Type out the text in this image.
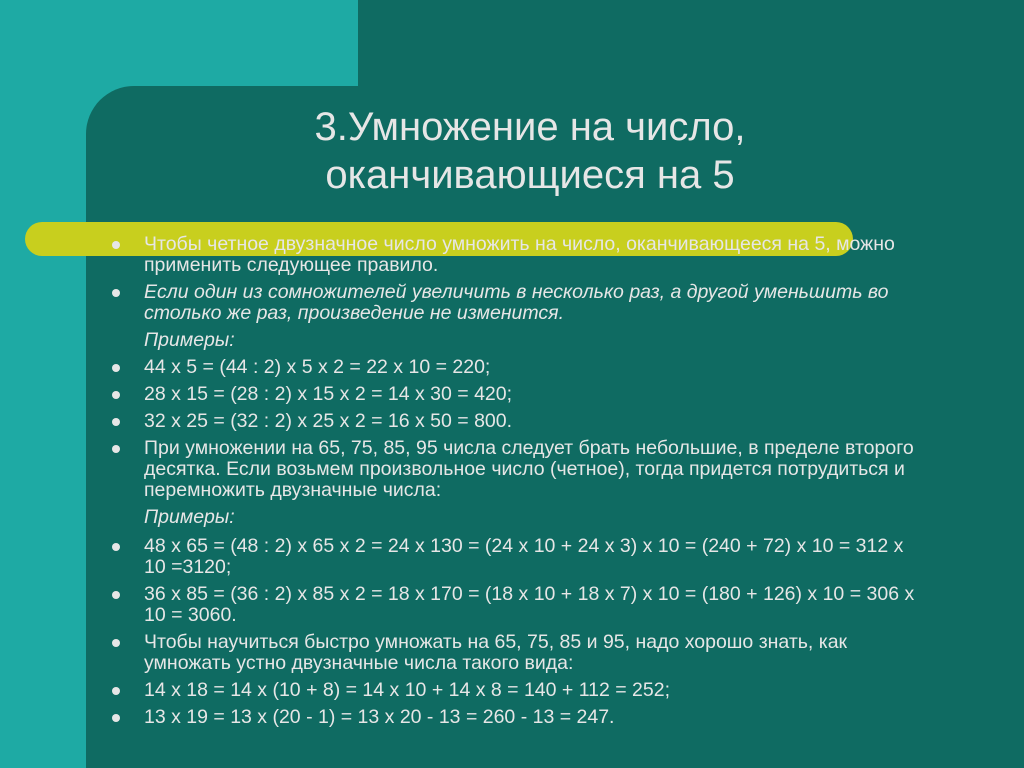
3.Умножение на число,
оканчивающиеся на 5
Чтобы четное двузначное число умножить на число, оканчивающееся на 5, можно применить следующее правило.
Если один из сомножителей увеличить в несколько раз, а другой уменьшить во столько же раз, произведение не изменится.
Примеры:
44 х 5 = (44 : 2) х 5 х 2 = 22 х 10 = 220;
28 х 15 = (28 : 2) х 15 х 2 = 14 х 30 = 420;
32 х 25 = (32 : 2) х 25 х 2 = 16 х 50 = 800.
При умножении на 65, 75, 85, 95 числа следует брать небольшие, в пределе второго десятка. Если возьмем произвольное число (четное), тогда придется потрудиться и перемножить двузначные числа:
Примеры:
48 х 65 = (48 : 2) х 65 х 2 = 24 х 130 = (24 х 10 + 24 х 3) х 10 = (240 + 72) х 10 = 312 х 10 =3120;
36 х 85 = (36 : 2) х 85 х 2 = 18 х 170 = (18 х 10 + 18 х 7) х 10 = (180 + 126) х 10 = 306 х 10 = 3060.
Чтобы научиться быстро умножать на 65, 75, 85 и 95, надо хорошо знать, как умножать устно двузначные числа такого вида:
14 х 18 = 14 х (10 + 8) = 14 х 10 + 14 х 8 = 140 + 112 = 252;
13 х 19 = 13 х (20 - 1) = 13 х 20 - 13 = 260 - 13 = 247.
